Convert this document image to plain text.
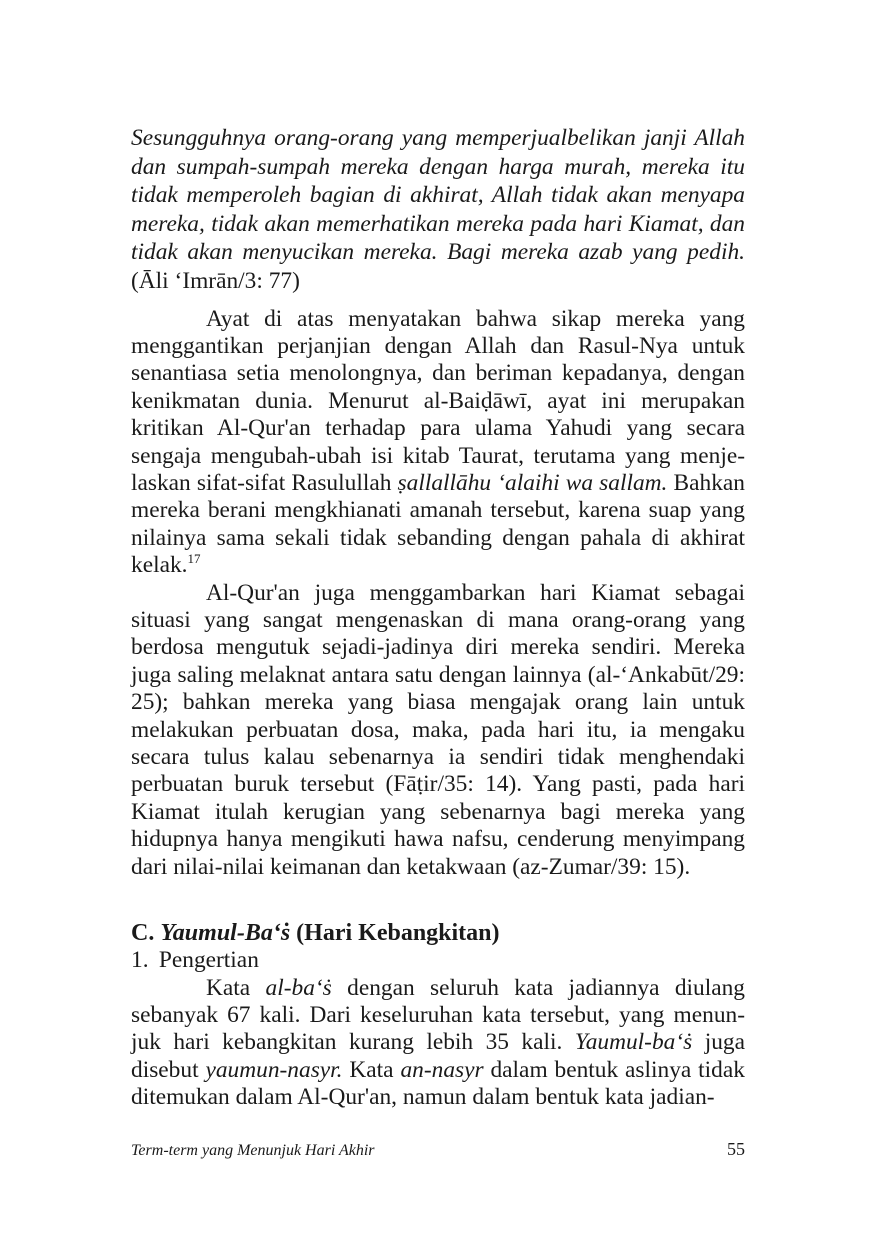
Sesungguhnya orang-orang yang memperjualbelikan janji Allah dan sumpah-sumpah mereka dengan harga murah, mereka itu tidak memperoleh bagian di akhirat, Allah tidak akan menyapa mereka, tidak akan memerhatikan mereka pada hari Kiamat, dan tidak akan menyucikan mereka. Bagi mereka azab yang pedih. (Āli ‘Imrān/3: 77)

Ayat di atas menyatakan bahwa sikap mereka yang menggantikan perjanjian dengan Allah dan Rasul-Nya untuk senantiasa setia menolongnya, dan beriman kepadanya, dengan kenikmatan dunia. Menurut al-Baiḍāwī, ayat ini merupakan kritikan Al-Qur'an terhadap para ulama Yahudi yang secara sengaja mengubah-ubah isi kitab Taurat, terutama yang menje-laskan sifat-sifat Rasulullah ṣallallāhu ‘alaihi wa sallam. Bahkan mereka berani mengkhianati amanah tersebut, karena suap yang nilainya sama sekali tidak sebanding dengan pahala di akhirat kelak.$^{17}$

Al-Qur'an juga menggambarkan hari Kiamat sebagai situasi yang sangat mengenaskan di mana orang-orang yang berdosa mengutuk sejadi-jadinya diri mereka sendiri. Mereka juga saling melaknat antara satu dengan lainnya (al-‘Ankabūt/29: 25); bahkan mereka yang biasa mengajak orang lain untuk melakukan perbuatan dosa, maka, pada hari itu, ia mengaku secara tulus kalau sebenarnya ia sendiri tidak menghendaki perbuatan buruk tersebut (Fāṭir/35: 14). Yang pasti, pada hari Kiamat itulah kerugian yang sebenarnya bagi mereka yang hidupnya hanya mengikuti hawa nafsu, cenderung menyimpang dari nilai-nilai keimanan dan ketakwaan (az-Zumar/39: 15).

C. Yaumul-Ba‘ṡ (Hari Kebangkitan)

1. Pengertian

Kata al-ba‘ṡ dengan seluruh kata jadiannya diulang sebanyak 67 kali. Dari keseluruhan kata tersebut, yang menun-juk hari kebangkitan kurang lebih 35 kali. Yaumul-ba‘ṡ juga disebut yaumun-nasyr. Kata an-nasyr dalam bentuk aslinya tidak ditemukan dalam Al-Qur'an, namun dalam bentuk kata jadian-

Term-term yang Menunjuk Hari Akhir	55
